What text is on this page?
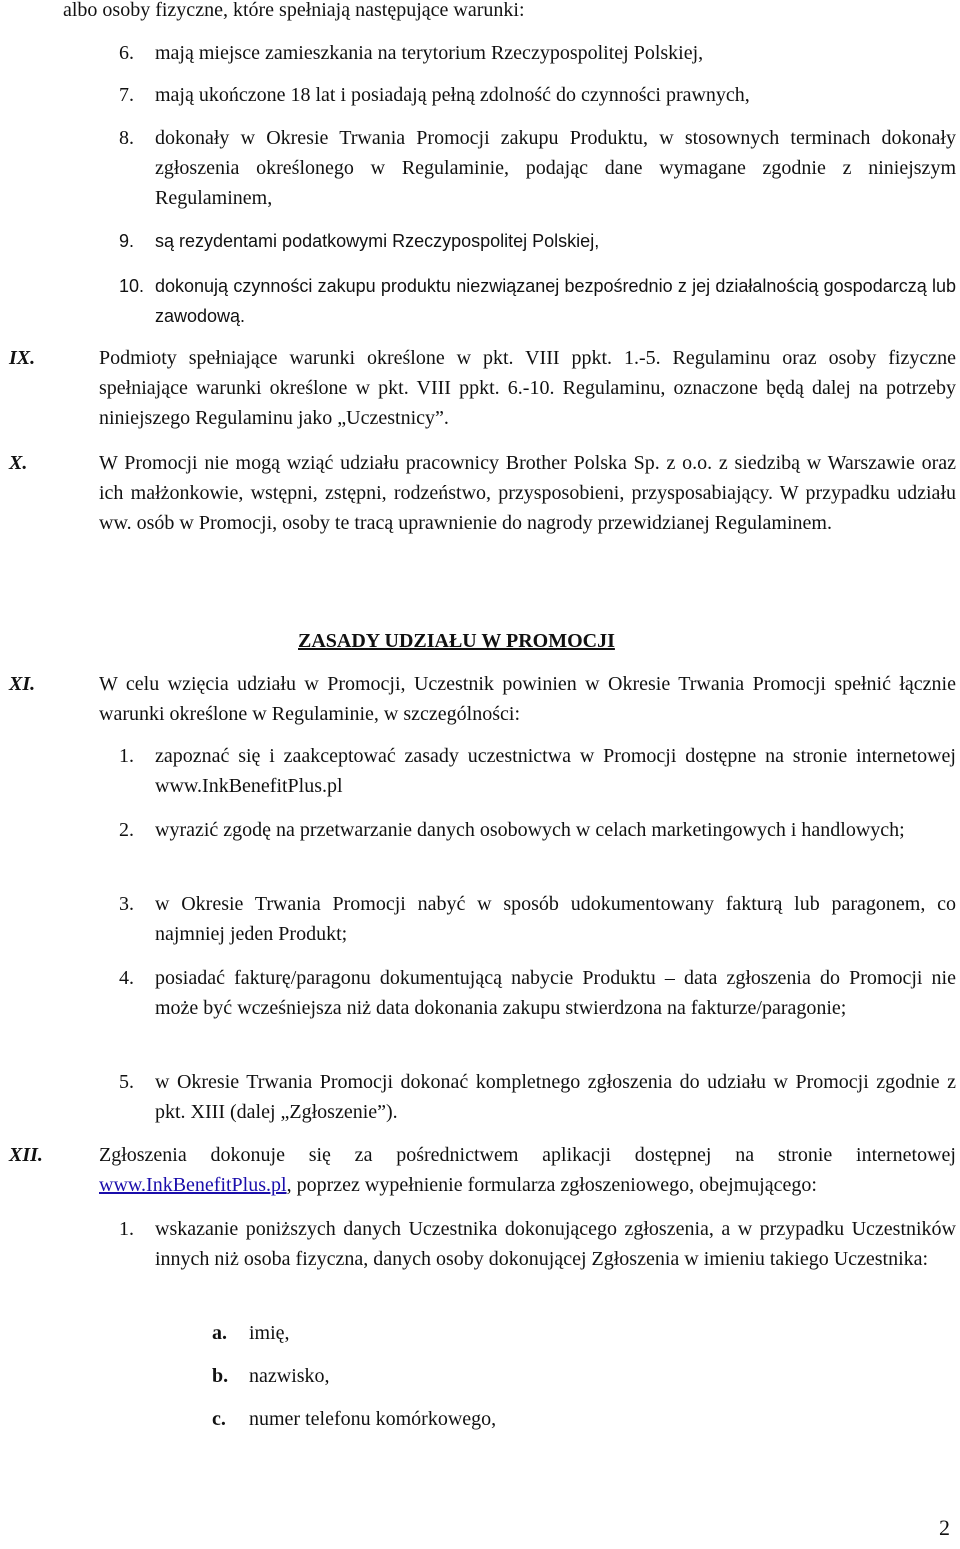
albo osoby fizyczne, które spełniają następujące warunki:

6. mają miejsce zamieszkania na terytorium Rzeczypospolitej Polskiej,

7. mają ukończone 18 lat i posiadają pełną zdolność do czynności prawnych,

8. dokonały w Okresie Trwania Promocji zakupu Produktu, w stosownych terminach dokonały zgłoszenia określonego w Regulaminie, podając dane wymagane zgodnie z niniejszym Regulaminem,

9. są rezydentami podatkowymi Rzeczypospolitej Polskiej,

10. dokonują czynności zakupu produktu niezwiązanej bezpośrednio z jej działalnością gospodarczą lub zawodową.

IX.	Podmioty spełniające warunki określone w pkt. VIII ppkt. 1.-5. Regulaminu oraz osoby fizyczne spełniające warunki określone w pkt. VIII ppkt. 6.-10. Regulaminu, oznaczone będą dalej na potrzeby niniejszego Regulaminu jako „Uczestnicy”.

X.	W Promocji nie mogą wziąć udziału pracownicy Brother Polska Sp. z o.o. z siedzibą w Warszawie oraz ich małżonkowie, wstępni, zstępni, rodzeństwo, przysposobieni, przysposabiający. W przypadku udziału ww. osób w Promocji, osoby te tracą uprawnienie do nagrody przewidzianej Regulaminem.

ZASADY UDZIAŁU W PROMOCJI

XI.	W celu wzięcia udziału w Promocji, Uczestnik powinien w Okresie Trwania Promocji spełnić łącznie warunki określone w Regulaminie, w szczególności:

1. zapoznać się i zaakceptować zasady uczestnictwa w Promocji dostępne na stronie internetowej www.InkBenefitPlus.pl

2. wyrazić zgodę na przetwarzanie danych osobowych w celach marketingowych i handlowych;

3. w Okresie Trwania Promocji nabyć w sposób udokumentowany fakturą lub paragonem, co najmniej jeden Produkt;

4. posiadać fakturę/paragonu dokumentującą nabycie Produktu – data zgłoszenia do Promocji nie może być wcześniejsza niż data dokonania zakupu stwierdzona na fakturze/paragonie;

5. w Okresie Trwania Promocji dokonać kompletnego zgłoszenia do udziału w Promocji zgodnie z pkt. XIII (dalej „Zgłoszenie”).

XII.	Zgłoszenia dokonuje się za pośrednictwem aplikacji dostępnej na stronie internetowej www.InkBenefitPlus.pl, poprzez wypełnienie formularza zgłoszeniowego, obejmującego:

1. wskazanie poniższych danych Uczestnika dokonującego zgłoszenia, a w przypadku Uczestników innych niż osoba fizyczna, danych osoby dokonującej Zgłoszenia w imieniu takiego Uczestnika:

a. imię,

b. nazwisko,

c. numer telefonu komórkowego,

2
